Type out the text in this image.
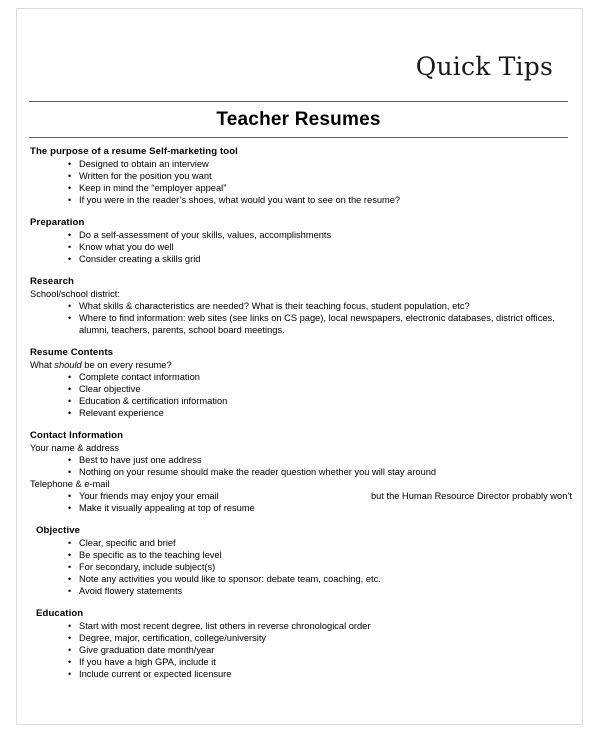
Quick Tips
Teacher Resumes
The purpose of a resume Self-marketing tool
• Designed to obtain an interview
• Written for the position you want
• Keep in mind the “employer appeal”
• If you were in the reader’s shoes, what would you want to see on the resume?
Preparation
• Do a self-assessment of your skills, values, accomplishments
• Know what you do well
• Consider creating a skills grid
Research

School/school district:

• What skills & characteristics are needed? What is their teaching focus, student population, etc?
• Where to find information: web sites (see links on CS page), local newspapers, electronic databases, district offices, alumni, teachers, parents, school board meetings.
Resume Contents

What should be on every resume?

• Complete contact information
• Clear objective
• Education & certification information
• Relevant experience
Contact Information

Your name & address

• Best to have just one address
• Nothing on your resume should make the reader question whether you will stay around

Telephone & e-mail

• Your friends may enjoy your email	but the Human Resource Director probably won’t
• Make it visually appealing at top of resume
Objective
• Clear, specific and brief
• Be specific as to the teaching level
• For secondary, include subject(s)
• Note any activities you would like to sponsor: debate team, coaching, etc.
• Avoid flowery statements
Education
• Start with most recent degree, list others in reverse chronological order
• Degree, major, certification, college/university
• Give graduation date month/year
• If you have a high GPA, include it
• Include current or expected licensure
